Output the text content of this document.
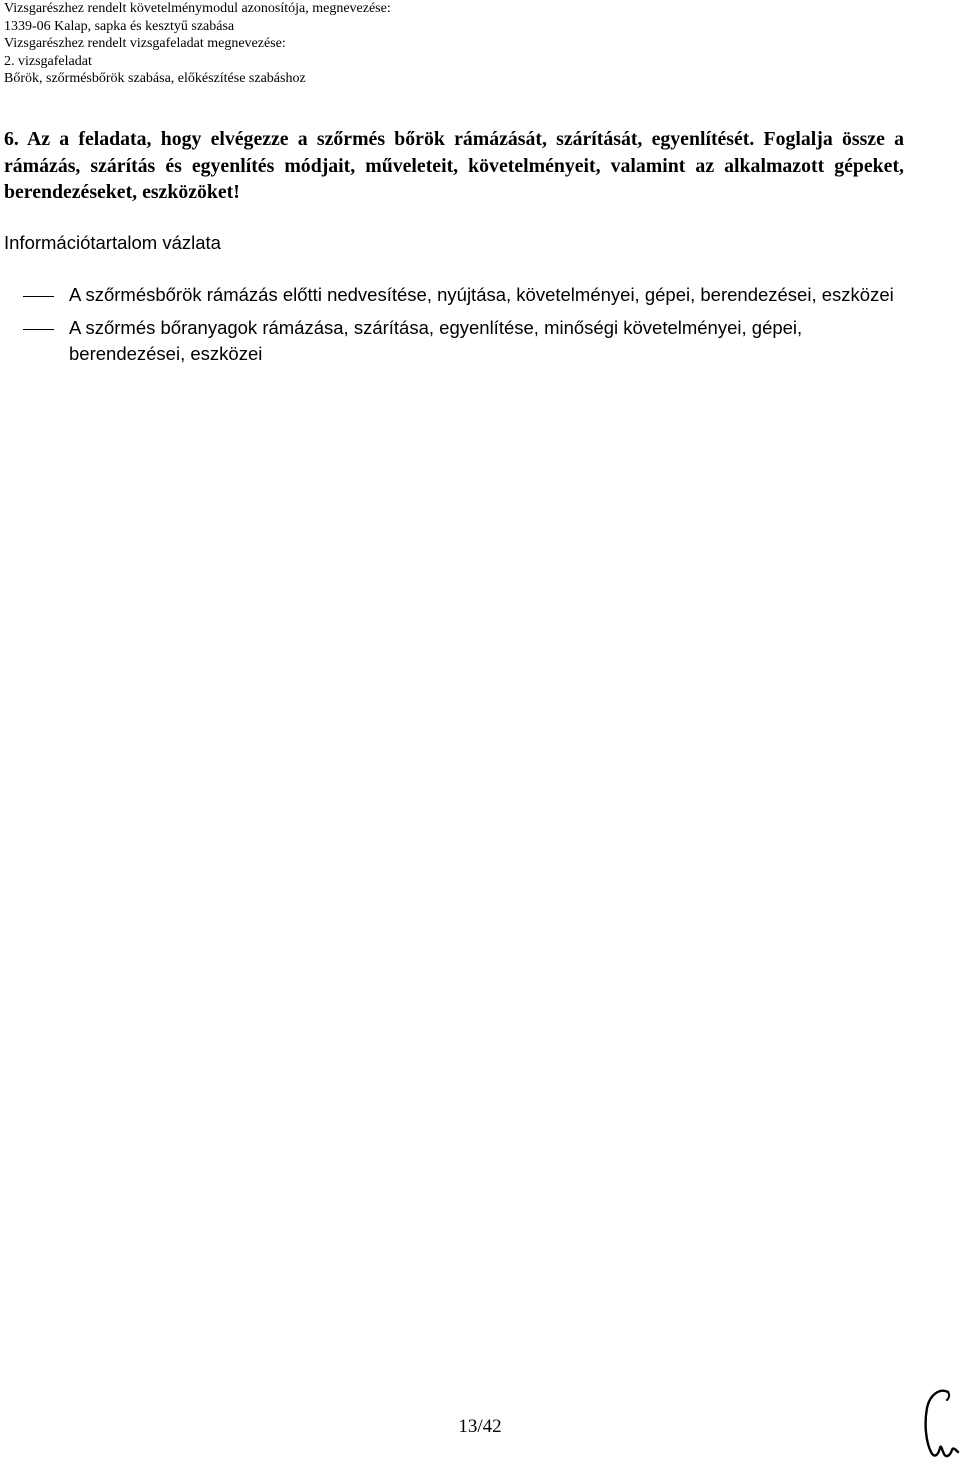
Vizsgarészhez rendelt követelménymodul azonosítója, megnevezése:
1339-06 Kalap, sapka és kesztyű szabása
Vizsgarészhez rendelt vizsgafeladat megnevezése:
2. vizsgafeladat
Bőrök, szőrmésbőrök szabása, előkészítése szabáshoz
6. Az a feladata, hogy elvégezze a szőrmés bőrök rámázását, szárítását, egyenlítését. Foglalja össze a rámázás, szárítás és egyenlítés módjait, műveleteit, követelményeit, valamint az alkalmazott gépeket, berendezéseket, eszközöket!
Információtartalom vázlata
A szőrmésbőrök rámázás előtti nedvesítése, nyújtása, követelményei, gépei, berendezései, eszközei
A szőrmés bőranyagok rámázása, szárítása, egyenlítése, minőségi követelményei, gépei, berendezései, eszközei
13/42
